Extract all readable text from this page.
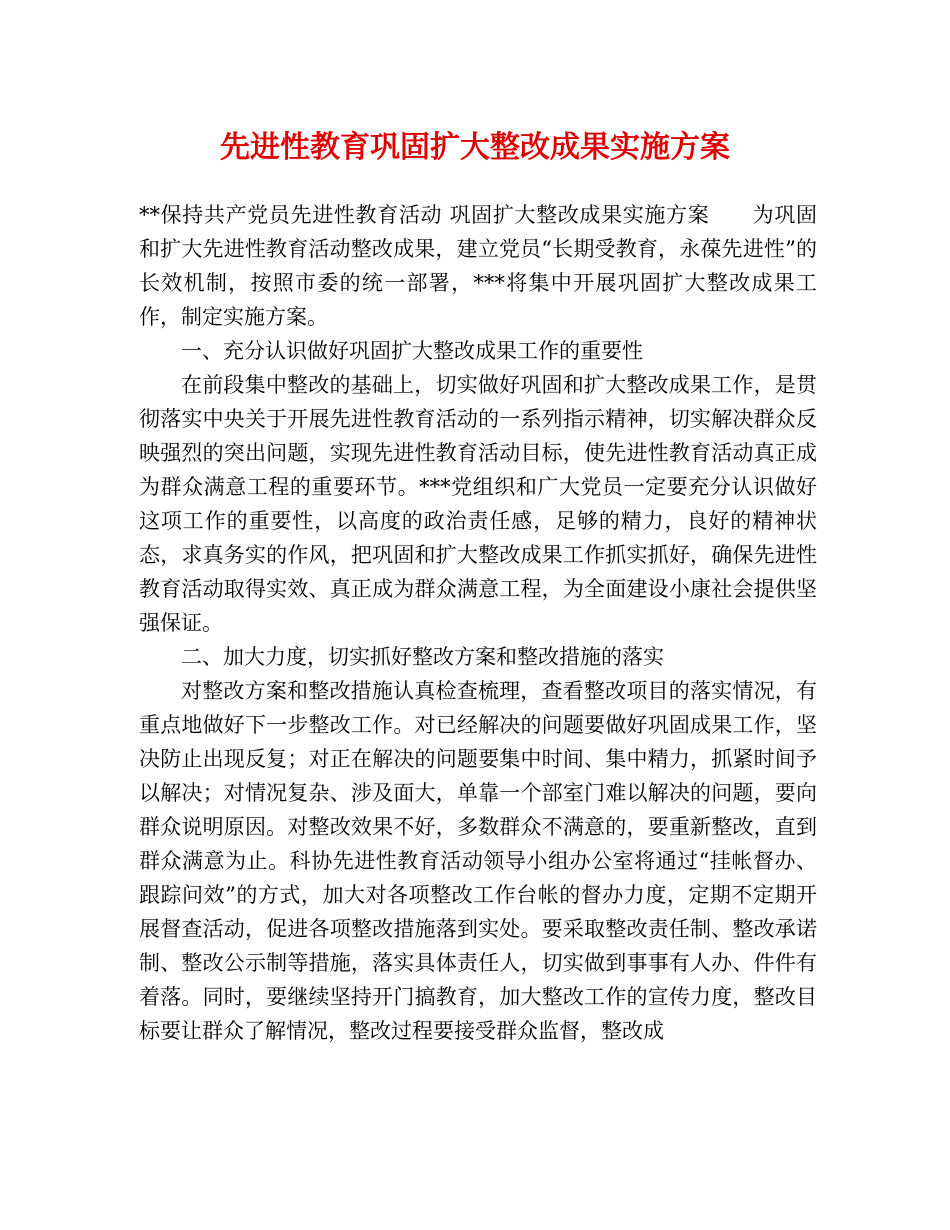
先进性教育巩固扩大整改成果实施方案

**保持共产党员先进性教育活动 巩固扩大整改成果实施方案　　为巩固和扩大先进性教育活动整改成果，建立党员“长期受教育，永葆先进性”的长效机制，按照市委的统一部署，***将集中开展巩固扩大整改成果工作，制定实施方案。

一、充分认识做好巩固扩大整改成果工作的重要性

在前段集中整改的基础上，切实做好巩固和扩大整改成果工作，是贯彻落实中央关于开展先进性教育活动的一系列指示精神，切实解决群众反映强烈的突出问题，实现先进性教育活动目标，使先进性教育活动真正成为群众满意工程的重要环节。***党组织和广大党员一定要充分认识做好这项工作的重要性，以高度的政治责任感，足够的精力，良好的精神状态，求真务实的作风，把巩固和扩大整改成果工作抓实抓好，确保先进性教育活动取得实效、真正成为群众满意工程，为全面建设小康社会提供坚强保证。

二、加大力度，切实抓好整改方案和整改措施的落实

对整改方案和整改措施认真检查梳理，查看整改项目的落实情况，有重点地做好下一步整改工作。对已经解决的问题要做好巩固成果工作，坚决防止出现反复；对正在解决的问题要集中时间、集中精力，抓紧时间予以解决；对情况复杂、涉及面大，单靠一个部室门难以解决的问题，要向群众说明原因。对整改效果不好，多数群众不满意的，要重新整改，直到群众满意为止。科协先进性教育活动领导小组办公室将通过“挂帐督办、跟踪问效”的方式，加大对各项整改工作台帐的督办力度，定期不定期开展督查活动，促进各项整改措施落到实处。要采取整改责任制、整改承诺制、整改公示制等措施，落实具体责任人，切实做到事事有人办、件件有着落。同时，要继续坚持开门搞教育，加大整改工作的宣传力度，整改目标要让群众了解情况，整改过程要接受群众监督，整改成
